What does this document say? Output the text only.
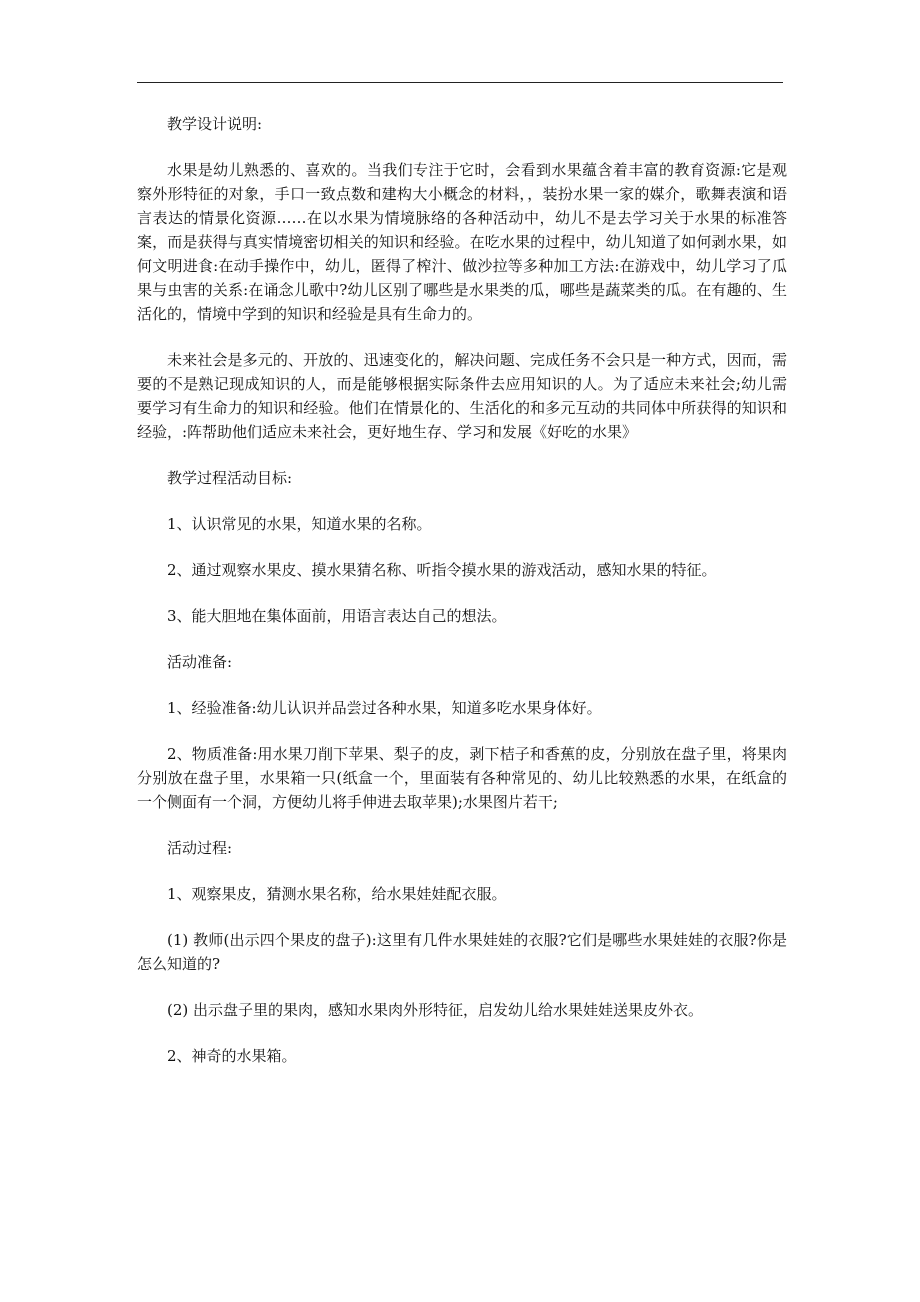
教学设计说明:

水果是幼儿熟悉的、喜欢的。当我们专注于它时，会看到水果蕴含着丰富的教育资源:它是观察外形特征的对象，手口一致点数和建构大小概念的材料，，装扮水果一家的媒介，歌舞表演和语言表达的情景化资源……在以水果为情境脉络的各种活动中，幼儿不是去学习关于水果的标准答案，而是获得与真实情境密切相关的知识和经验。在吃水果的过程中，幼儿知道了如何剥水果，如何文明进食:在动手操作中，幼儿，匿得了榨汁、做沙拉等多种加工方法:在游戏中，幼儿学习了瓜果与虫害的关系:在诵念儿歌中?幼儿区别了哪些是水果类的瓜，哪些是蔬菜类的瓜。在有趣的、生活化的，情境中学到的知识和经验是具有生命力的。

未来社会是多元的、开放的、迅速变化的，解决问题、完成任务不会只是一种方式，因而，需要的不是熟记现成知识的人，而是能够根据实际条件去应用知识的人。为了适应未来社会;幼儿需要学习有生命力的知识和经验。他们在情景化的、生活化的和多元互动的共同体中所获得的知识和经验，:阵帮助他们适应未来社会，更好地生存、学习和发展《好吃的水果》

教学过程活动目标:

1、认识常见的水果，知道水果的名称。

2、通过观察水果皮、摸水果猜名称、听指令摸水果的游戏活动，感知水果的特征。

3、能大胆地在集体面前，用语言表达自己的想法。

活动准备:

1、经验准备:幼儿认识并品尝过各种水果，知道多吃水果身体好。

2、物质准备:用水果刀削下苹果、梨子的皮，剥下桔子和香蕉的皮，分别放在盘子里，将果肉分别放在盘子里，水果箱一只(纸盒一个，里面装有各种常见的、幼儿比较熟悉的水果，在纸盒的一个侧面有一个洞，方便幼儿将手伸进去取苹果);水果图片若干;

活动过程:

1、观察果皮，猜测水果名称，给水果娃娃配衣服。

(1) 教师(出示四个果皮的盘子):这里有几件水果娃娃的衣服?它们是哪些水果娃娃的衣服?你是怎么知道的?

(2) 出示盘子里的果肉，感知水果肉外形特征，启发幼儿给水果娃娃送果皮外衣。

2、神奇的水果箱。
